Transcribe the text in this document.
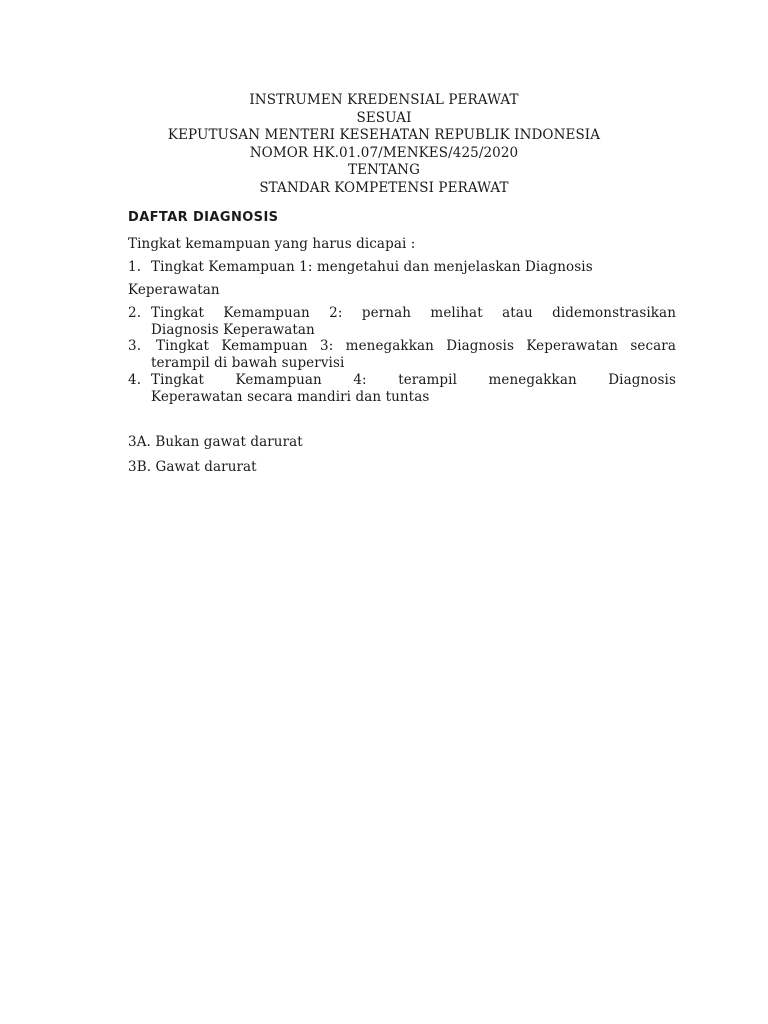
INSTRUMEN KREDENSIAL PERAWAT
SESUAI
KEPUTUSAN MENTERI KESEHATAN REPUBLIK INDONESIA
NOMOR HK.01.07/MENKES/425/2020
TENTANG
STANDAR KOMPETENSI PERAWAT
DAFTAR DIAGNOSIS
Tingkat kemampuan yang harus dicapai :
1. Tingkat Kemampuan 1: mengetahui dan menjelaskan Diagnosis
Keperawatan
2. Tingkat Kemampuan 2: pernah melihat atau didemonstrasikan
Diagnosis Keperawatan
3. Tingkat Kemampuan 3: menegakkan Diagnosis Keperawatan secara
terampil di bawah supervisi
4. Tingkat Kemampuan 4: terampil menegakkan Diagnosis
Keperawatan secara mandiri dan tuntas
3A. Bukan gawat darurat
3B. Gawat darurat
